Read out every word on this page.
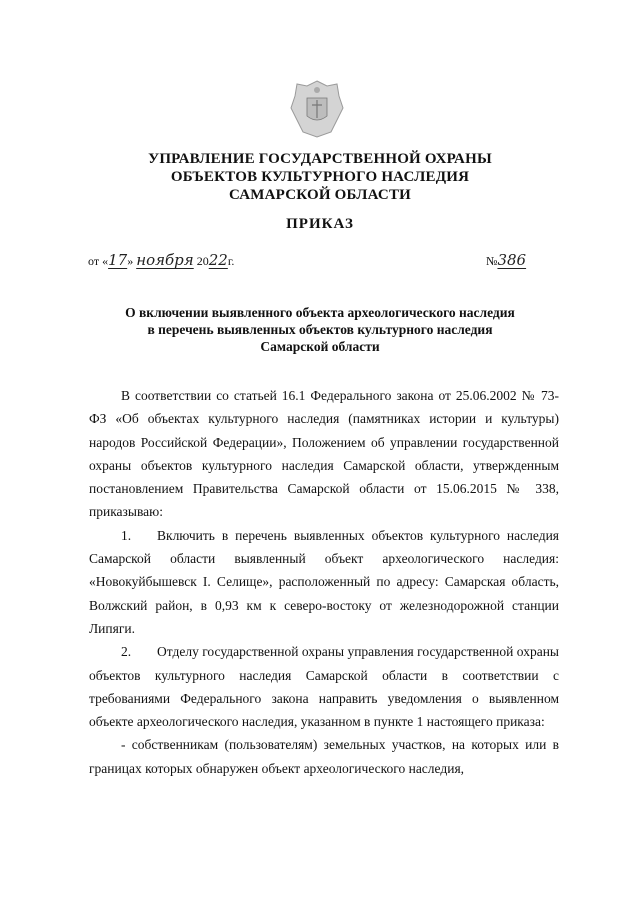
УПРАВЛЕНИЕ ГОСУДАРСТВЕННОЙ ОХРАНЫ
ОБЪЕКТОВ КУЛЬТУРНОГО НАСЛЕДИЯ
САМАРСКОЙ ОБЛАСТИ
ПРИКАЗ
от «17» ноября 2022г.	№386
О включении выявленного объекта археологического наследия
в перечень выявленных объектов культурного наследия
Самарской области

В соответствии со статьей 16.1 Федерального закона от 25.06.2002 № 73-ФЗ «Об объектах культурного наследия (памятниках истории и культуры) народов Российской Федерации», Положением об управлении государственной охраны объектов культурного наследия Самарской области, утвержденным постановлением Правительства Самарской области от 15.06.2015 № 338, приказываю:

1. Включить в перечень выявленных объектов культурного наследия Самарской области выявленный объект археологического наследия: «Новокуйбышевск I. Селище», расположенный по адресу: Самарская область, Волжский район, в 0,93 км к северо-востоку от железнодорожной станции Липяги.

2. Отделу государственной охраны управления государственной охраны объектов культурного наследия Самарской области в соответствии с требованиями Федерального закона направить уведомления о выявленном объекте археологического наследия, указанном в пункте 1 настоящего приказа:

- собственникам (пользователям) земельных участков, на которых или в границах которых обнаружен объект археологического наследия,
